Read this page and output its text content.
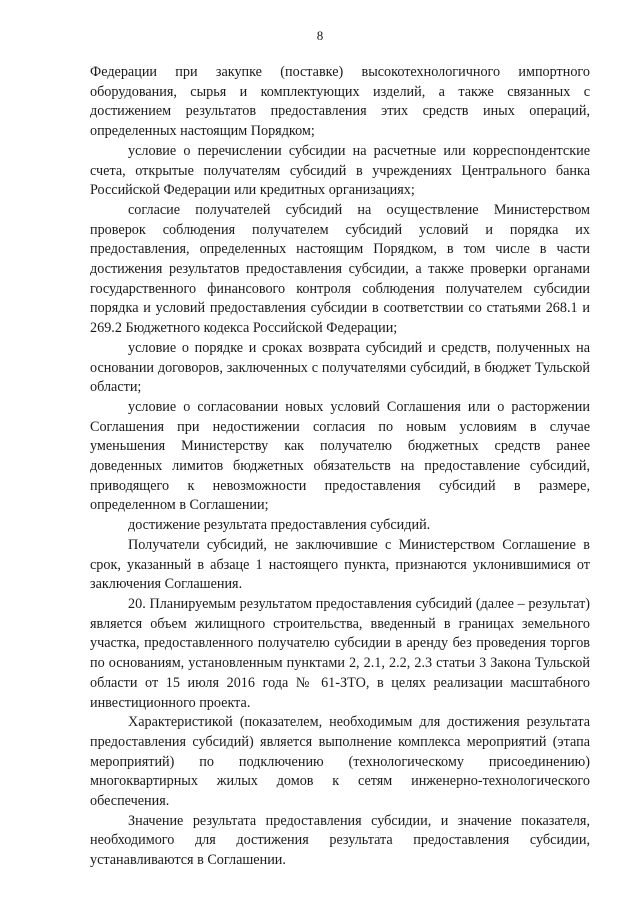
8

Федерации при закупке (поставке) высокотехнологичного импортного оборудования, сырья и комплектующих изделий, а также связанных с достижением результатов предоставления этих средств иных операций, определенных настоящим Порядком;

условие о перечислении субсидии на расчетные или корреспондентские счета, открытые получателям субсидий в учреждениях Центрального банка Российской Федерации или кредитных организациях;

согласие получателей субсидий на осуществление Министерством проверок соблюдения получателем субсидий условий и порядка их предоставления, определенных настоящим Порядком, в том числе в части достижения результатов предоставления субсидии, а также проверки органами государственного финансового контроля соблюдения получателем субсидии порядка и условий предоставления субсидии в соответствии со статьями 268.1 и 269.2 Бюджетного кодекса Российской Федерации;

условие о порядке и сроках возврата субсидий и средств, полученных на основании договоров, заключенных с получателями субсидий, в бюджет Тульской области;

условие о согласовании новых условий Соглашения или о расторжении Соглашения при недостижении согласия по новым условиям в случае уменьшения Министерству как получателю бюджетных средств ранее доведенных лимитов бюджетных обязательств на предоставление субсидий, приводящего к невозможности предоставления субсидий в размере, определенном в Соглашении;

достижение результата предоставления субсидий.

Получатели субсидий, не заключившие с Министерством Соглашение в срок, указанный в абзаце 1 настоящего пункта, признаются уклонившимися от заключения Соглашения.

20. Планируемым результатом предоставления субсидий (далее – результат) является объем жилищного строительства, введенный в границах земельного участка, предоставленного получателю субсидии в аренду без проведения торгов по основаниям, установленным пунктами 2, 2.1, 2.2, 2.3 статьи 3 Закона Тульской области от 15 июля 2016 года № 61-ЗТО, в целях реализации масштабного инвестиционного проекта.

Характеристикой (показателем, необходимым для достижения результата предоставления субсидий) является выполнение комплекса мероприятий (этапа мероприятий) по подключению (технологическому присоединению) многоквартирных жилых домов к сетям инженерно-технологического обеспечения.

Значение результата предоставления субсидии, и значение показателя, необходимого для достижения результата предоставления субсидии, устанавливаются в Соглашении.
